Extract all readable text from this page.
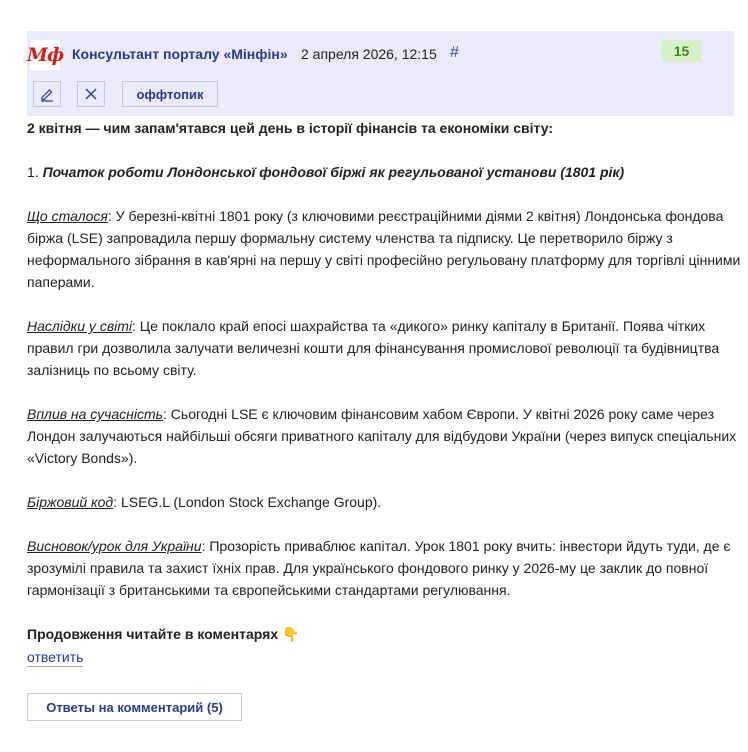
Мф Консультант порталу «Мінфін» 2 апреля 2026, 12:15 #	15
оффтопик

2 квітня — чим запам'ятався цей день в історії фінансів та економіки світу:

1. Початок роботи Лондонської фондової біржі як регульованої установи (1801 рік)

Що сталося: У березні-квітні 1801 року (з ключовими реєстраційними діями 2 квітня) Лондонська фондова біржа (LSE) запровадила першу формальну систему членства та підписку. Це перетворило біржу з неформального зібрання в кав'ярні на першу у світі професійно регульовану платформу для торгівлі цінними паперами.

Наслідки у світі: Це поклало край епосі шахрайства та «дикого» ринку капіталу в Британії. Поява чітких правил гри дозволила залучати величезні кошти для фінансування промислової революції та будівництва залізниць по всьому світу.

Вплив на сучасність: Сьогодні LSE є ключовим фінансовим хабом Європи. У квітні 2026 року саме через Лондон залучаються найбільші обсяги приватного капіталу для відбудови України (через випуск спеціальних «Victory Bonds»).

Біржовий код: LSEG.L (London Stock Exchange Group).

Висновок/урок для України: Прозорість приваблює капітал. Урок 1801 року вчить: інвестори йдуть туди, де є зрозумілі правила та захист їхніх прав. Для українського фондового ринку у 2026-му це заклик до повної гармонізації з британськими та європейськими стандартами регулювання.

Продовження читайте в коментарях 👇

ответить
Ответы на комментарий (5)
